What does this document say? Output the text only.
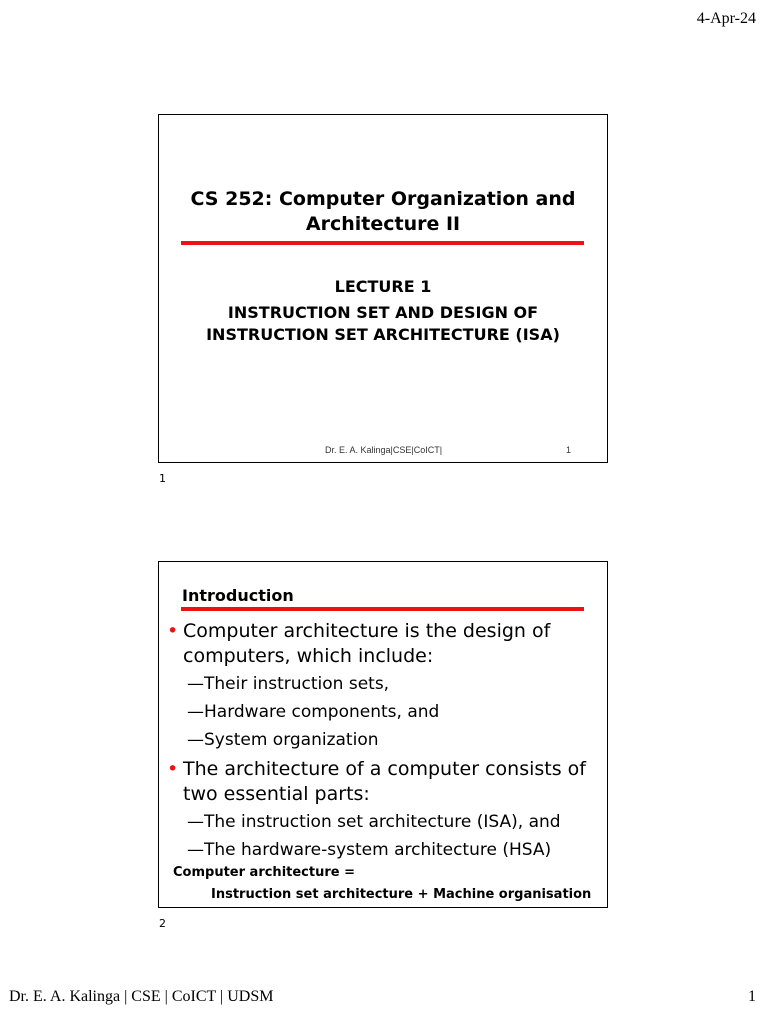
4-Apr-24
CS 252: Computer Organization and
Architecture II
LECTURE 1
INSTRUCTION SET AND DESIGN OF
INSTRUCTION SET ARCHITECTURE (ISA)
Dr. E. A. Kalinga|CSE|CoICT|	1
1
Introduction
• Computer architecture is the design of computers, which include:
—Their instruction sets,
—Hardware components, and
—System organization
• The architecture of a computer consists of two essential parts:
—The instruction set architecture (ISA), and
—The hardware-system architecture (HSA)
Computer architecture =
Instruction set architecture + Machine organisation
2
Dr. E. A. Kalinga | CSE | CoICT | UDSM	1
